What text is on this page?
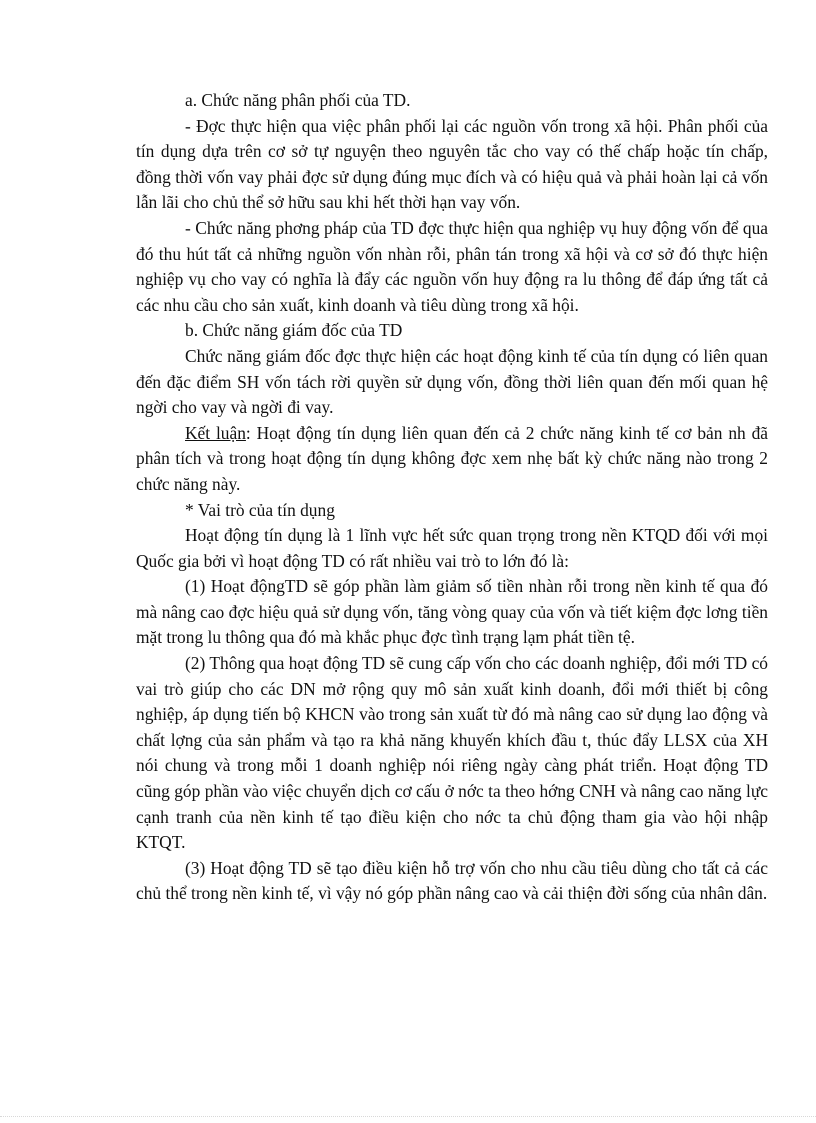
a. Chức năng phân phối của TD.

- Đợc thực hiện qua việc phân phối lại các nguồn vốn trong xã hội. Phân phối của tín dụng dựa trên cơ sở tự nguyện theo nguyên tắc cho vay có thế chấp hoặc tín chấp, đồng thời vốn vay phải đợc sử dụng đúng mục đích và có hiệu quả và phải hoàn lại cả vốn lẫn lãi cho chủ thể sở hữu sau khi hết thời hạn vay vốn.

- Chức năng phơng pháp của TD đợc thực hiện qua nghiệp vụ huy động vốn để qua đó thu hút tất cả những nguồn vốn nhàn rỗi, phân tán trong xã hội và cơ sở đó thực hiện nghiệp vụ cho vay có nghĩa là đẩy các nguồn vốn huy động ra lu thông để đáp ứng tất cả các nhu cầu cho sản xuất, kinh doanh và tiêu dùng trong xã hội.

b. Chức năng giám đốc của TD

Chức năng giám đốc đợc thực hiện các hoạt động kinh tế của tín dụng có liên quan đến đặc điểm SH vốn tách rời quyền sử dụng vốn, đồng thời liên quan đến mối quan hệ ngời cho vay và ngời đi vay.

Kết luận: Hoạt động tín dụng liên quan đến cả 2 chức năng kinh tế cơ bản nh đã phân tích và trong hoạt động tín dụng không đợc xem nhẹ bất kỳ chức năng nào trong 2 chức năng này.

* Vai trò của tín dụng

Hoạt động tín dụng là 1 lĩnh vực hết sức quan trọng trong nền KTQD đối với mọi Quốc gia bởi vì hoạt động TD có rất nhiều vai trò to lớn đó là:

(1) Hoạt độngTD sẽ góp phần làm giảm số tiền nhàn rỗi trong nền kinh tế qua đó mà nâng cao đợc hiệu quả sử dụng vốn, tăng vòng quay của vốn và tiết kiệm đợc lơng tiền mặt trong lu thông qua đó mà khắc phục đợc tình trạng lạm phát tiền tệ.

(2) Thông qua hoạt động TD sẽ cung cấp vốn cho các doanh nghiệp, đổi mới TD có vai trò giúp cho các DN mở rộng quy mô sản xuất kinh doanh, đổi mới thiết bị công nghiệp, áp dụng tiến bộ KHCN vào trong sản xuất từ đó mà nâng cao sử dụng lao động và chất lợng của sản phẩm và tạo ra khả năng khuyến khích đầu t, thúc đẩy LLSX của XH nói chung và trong mỗi 1 doanh nghiệp nói riêng ngày càng phát triển. Hoạt động TD cũng góp phần vào việc chuyển dịch cơ cấu ở nớc ta theo hớng CNH và nâng cao năng lực cạnh tranh của nền kinh tế tạo điều kiện cho nớc ta chủ động tham gia vào hội nhập KTQT.

(3) Hoạt động TD sẽ tạo điều kiện hỗ trợ vốn cho nhu cầu tiêu dùng cho tất cả các chủ thể trong nền kinh tế, vì vậy nó góp phần nâng cao và cải thiện đời sống của nhân dân.
